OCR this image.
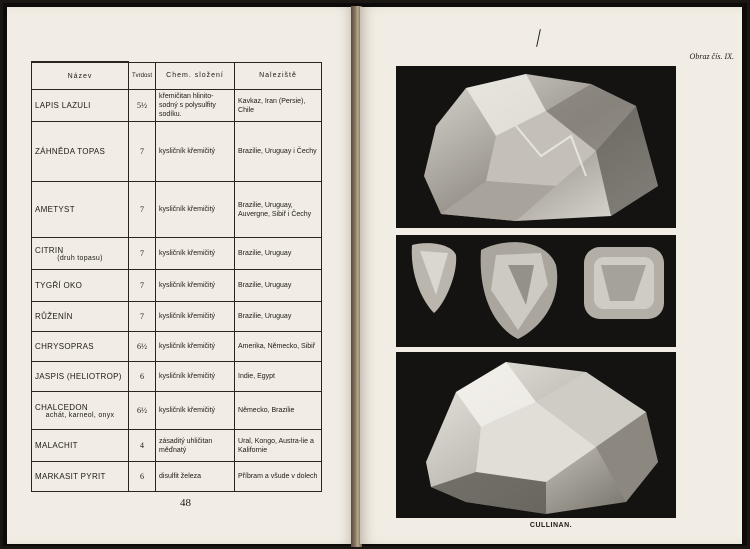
Název	Tvrdost	Chem. složení	Naleziště

LAPIS LAZULI	5½	křemičitan hlinito-sodný s polysulfity sodíku.	Kavkaz, Iran (Persie), Chile

ZÁHNĚDA TOPAS	7	kysličník křemičitý	Brazilie, Uruguay i Čechy

AMETYST	7	kysličník křemičitý	Brazilie, Uruguay, Auvergne, Sibiř i Čechy

CITRIN
(druh topasu)	7	kysličník křemičitý	Brazilie, Uruguay

TYGŘÍ OKO	7	kysličník křemičitý	Brazilie, Uruguay

RŮŽENÍN	7	kysličník křemičitý	Brazilie, Uruguay

CHRYSOPRAS	6½	kysličník křemičitý	Amerika, Německo, Sibiř

JASPIS (HELIOTROP)	6	kysličník křemičitý	Indie, Egypt

CHALCEDON
achát, karneol, onyx	6½	kysličník křemičitý	Německo, Brazilie

MALACHIT	4	zásaditý uhličitan měďnatý	Ural, Kongo, Austra-lie a Kalifornie

MARKASIT PYRIT	6	disulfit železa	Příbram a všude v dolech
48
Obraz čís. IX.
CULLINAN.
